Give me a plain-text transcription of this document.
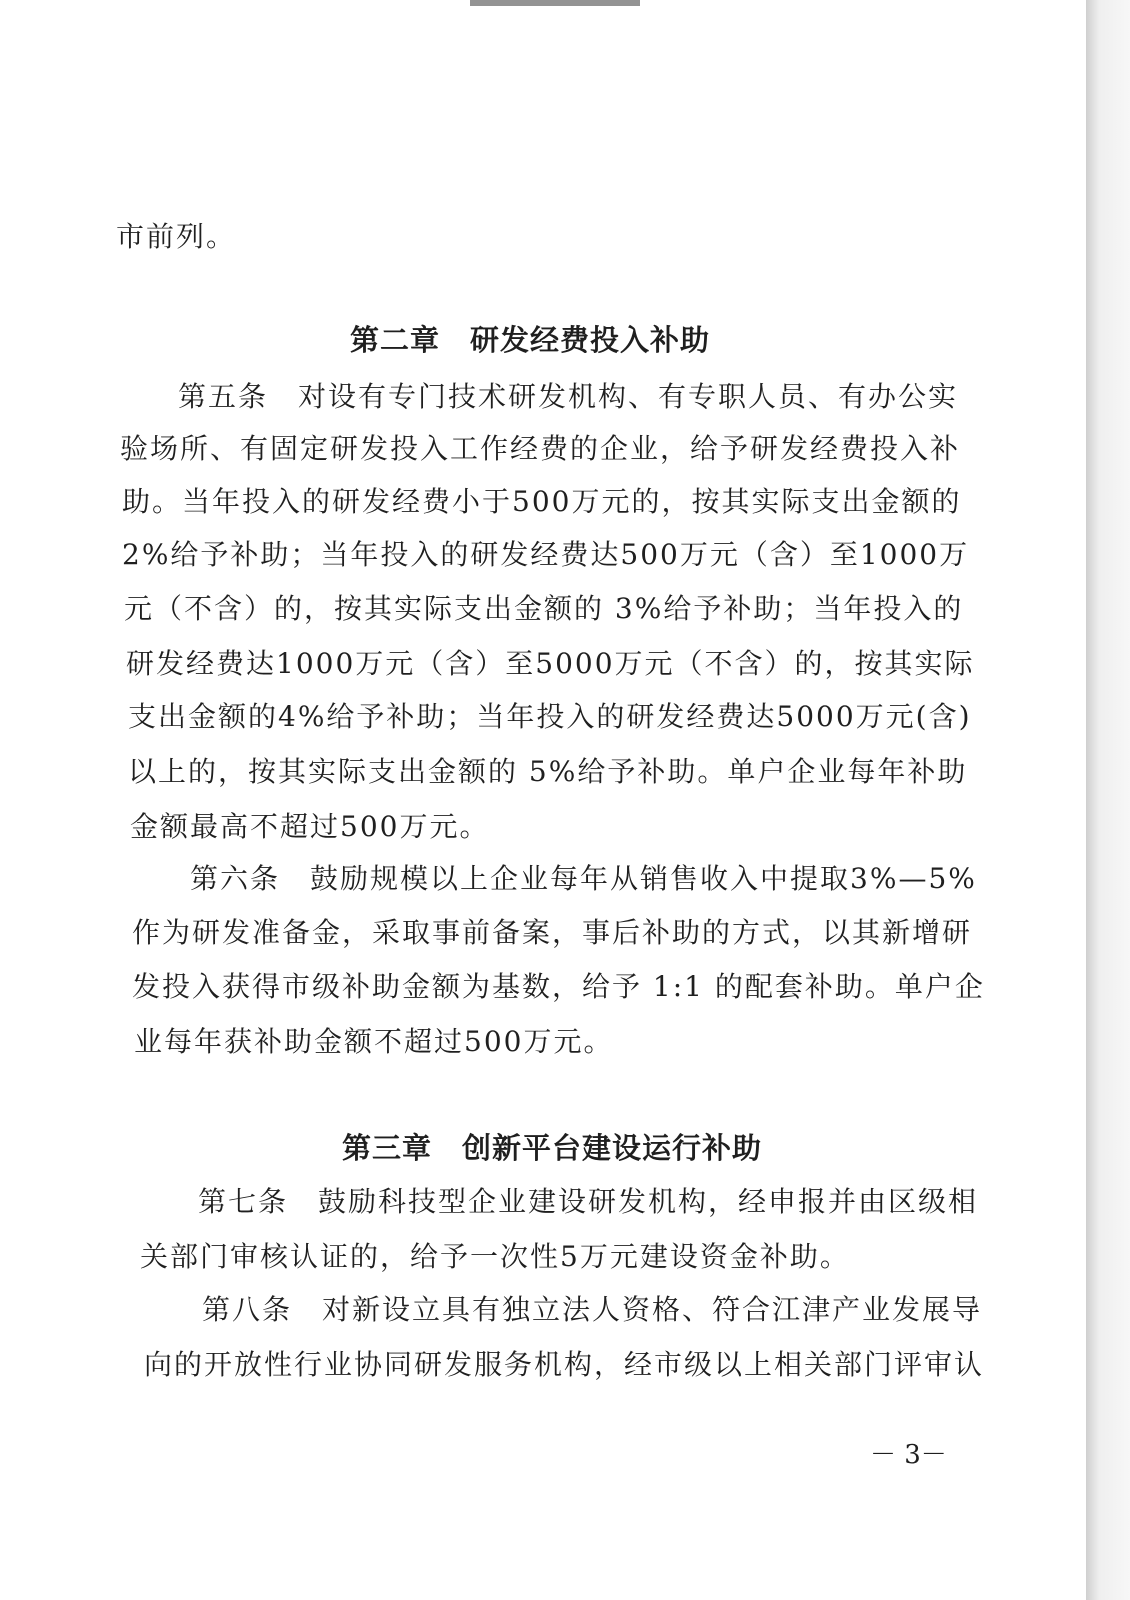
市前列。
第二章 研发经费投入补助
第五条 对设有专门技术研发机构、有专职人员、有办公实
验场所、有固定研发投入工作经费的企业，给予研发经费投入补
助。当年投入的研发经费小于500万元的，按其实际支出金额的
2%给予补助；当年投入的研发经费达500万元（含）至1000万
元（不含）的，按其实际支出金额的 3%给予补助；当年投入的
研发经费达1000万元（含）至5000万元（不含）的，按其实际
支出金额的4%给予补助；当年投入的研发经费达5000万元(含)
以上的，按其实际支出金额的 5%给予补助。单户企业每年补助
金额最高不超过500万元。
第六条 鼓励规模以上企业每年从销售收入中提取3%—5%
作为研发准备金，采取事前备案，事后补助的方式，以其新增研
发投入获得市级补助金额为基数，给予 1:1 的配套补助。单户企
业每年获补助金额不超过500万元。
第三章 创新平台建设运行补助
第七条 鼓励科技型企业建设研发机构，经申报并由区级相
关部门审核认证的，给予一次性5万元建设资金补助。
第八条 对新设立具有独立法人资格、符合江津产业发展导
向的开放性行业协同研发服务机构，经市级以上相关部门评审认
－ 3－
